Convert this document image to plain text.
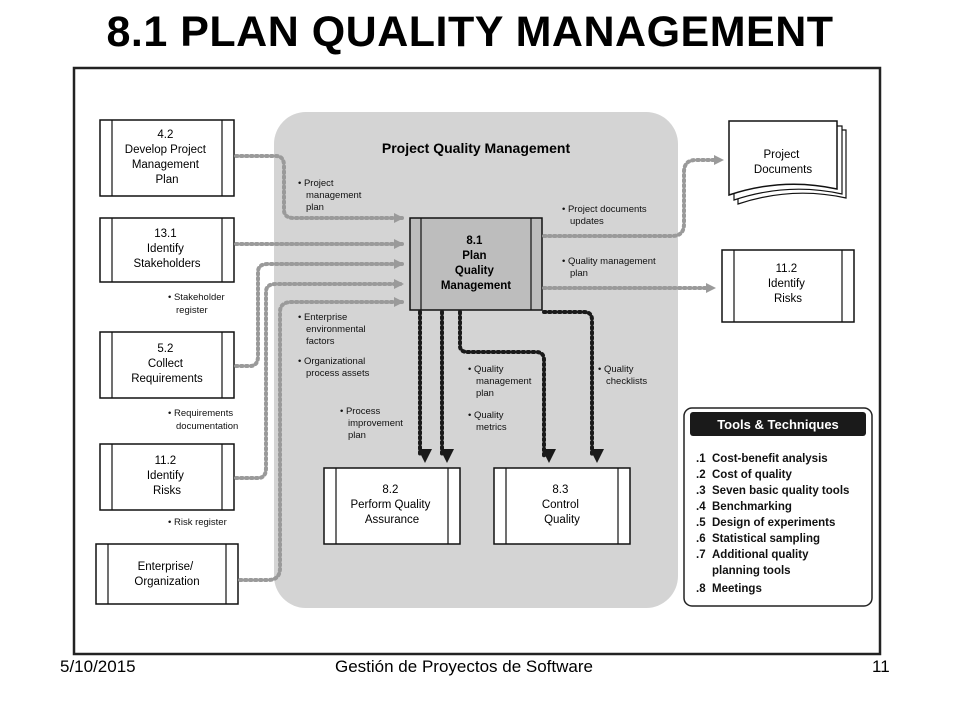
8.1 PLAN QUALITY MANAGEMENT
Project Quality Management
8.1 Plan Quality Management
4.2 Develop Project Management Plan
13.1 Identify Stakeholders
5.2 Collect Requirements
11.2 Identify Risks
Enterprise/ Organization
Project Documents
11.2 Identify Risks
8.2 Perform Quality Assurance
8.3 Control Quality
• Project management plan
• Stakeholder register
• Requirements documentation
• Risk register
• Enterprise environmental factors
• Organizational process assets
• Process improvement plan
• Quality management plan
• Quality metrics
• Quality checklists
• Project documents updates
• Quality management plan
Tools & Techniques
.1 Cost-benefit analysis
.2 Cost of quality
.3 Seven basic quality tools
.4 Benchmarking
.5 Design of experiments
.6 Statistical sampling
.7 Additional quality planning tools
.8 Meetings
5/10/2015	Gestión de Proyectos de Software	11
